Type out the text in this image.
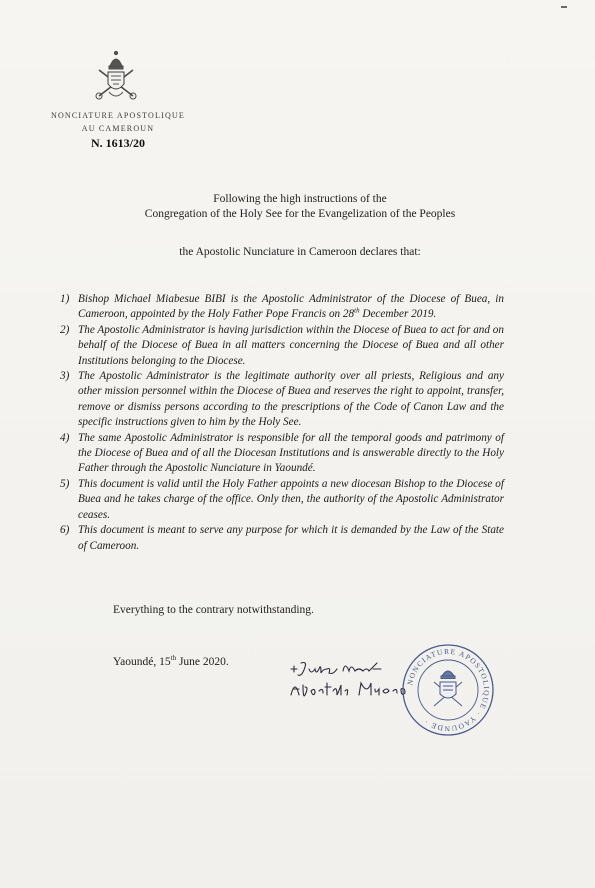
NONCIATURE APOSTOLIQUE
AU CAMEROUN
N. 1613/20
Following the high instructions of the
Congregation of the Holy See for the Evangelization of the Peoples
the Apostolic Nunciature in Cameroon declares that:
1) Bishop Michael Miabesue BIBI is the Apostolic Administrator of the Diocese of Buea, in Cameroon, appointed by the Holy Father Pope Francis on 28th December 2019.
2) The Apostolic Administrator is having jurisdiction within the Diocese of Buea to act for and on behalf of the Diocese of Buea in all matters concerning the Diocese of Buea and all other Institutions belonging to the Diocese.
3) The Apostolic Administrator is the legitimate authority over all priests, Religious and any other mission personnel within the Diocese of Buea and reserves the right to appoint, transfer, remove or dismiss persons according to the prescriptions of the Code of Canon Law and the specific instructions given to him by the Holy See.
4) The same Apostolic Administrator is responsible for all the temporal goods and patrimony of the Diocese of Buea and of all the Diocesan Institutions and is answerable directly to the Holy Father through the Apostolic Nunciature in Yaoundé.
5) This document is valid until the Holy Father appoints a new diocesan Bishop to the Diocese of Buea and he takes charge of the office. Only then, the authority of the Apostolic Administrator ceases.
6) This document is meant to serve any purpose for which it is demanded by the Law of the State of Cameroon.
Everything to the contrary notwithstanding.
Yaoundé, 15th June 2020.
NONCIATURE APOSTOLIQUE · YAOUNDE ·
